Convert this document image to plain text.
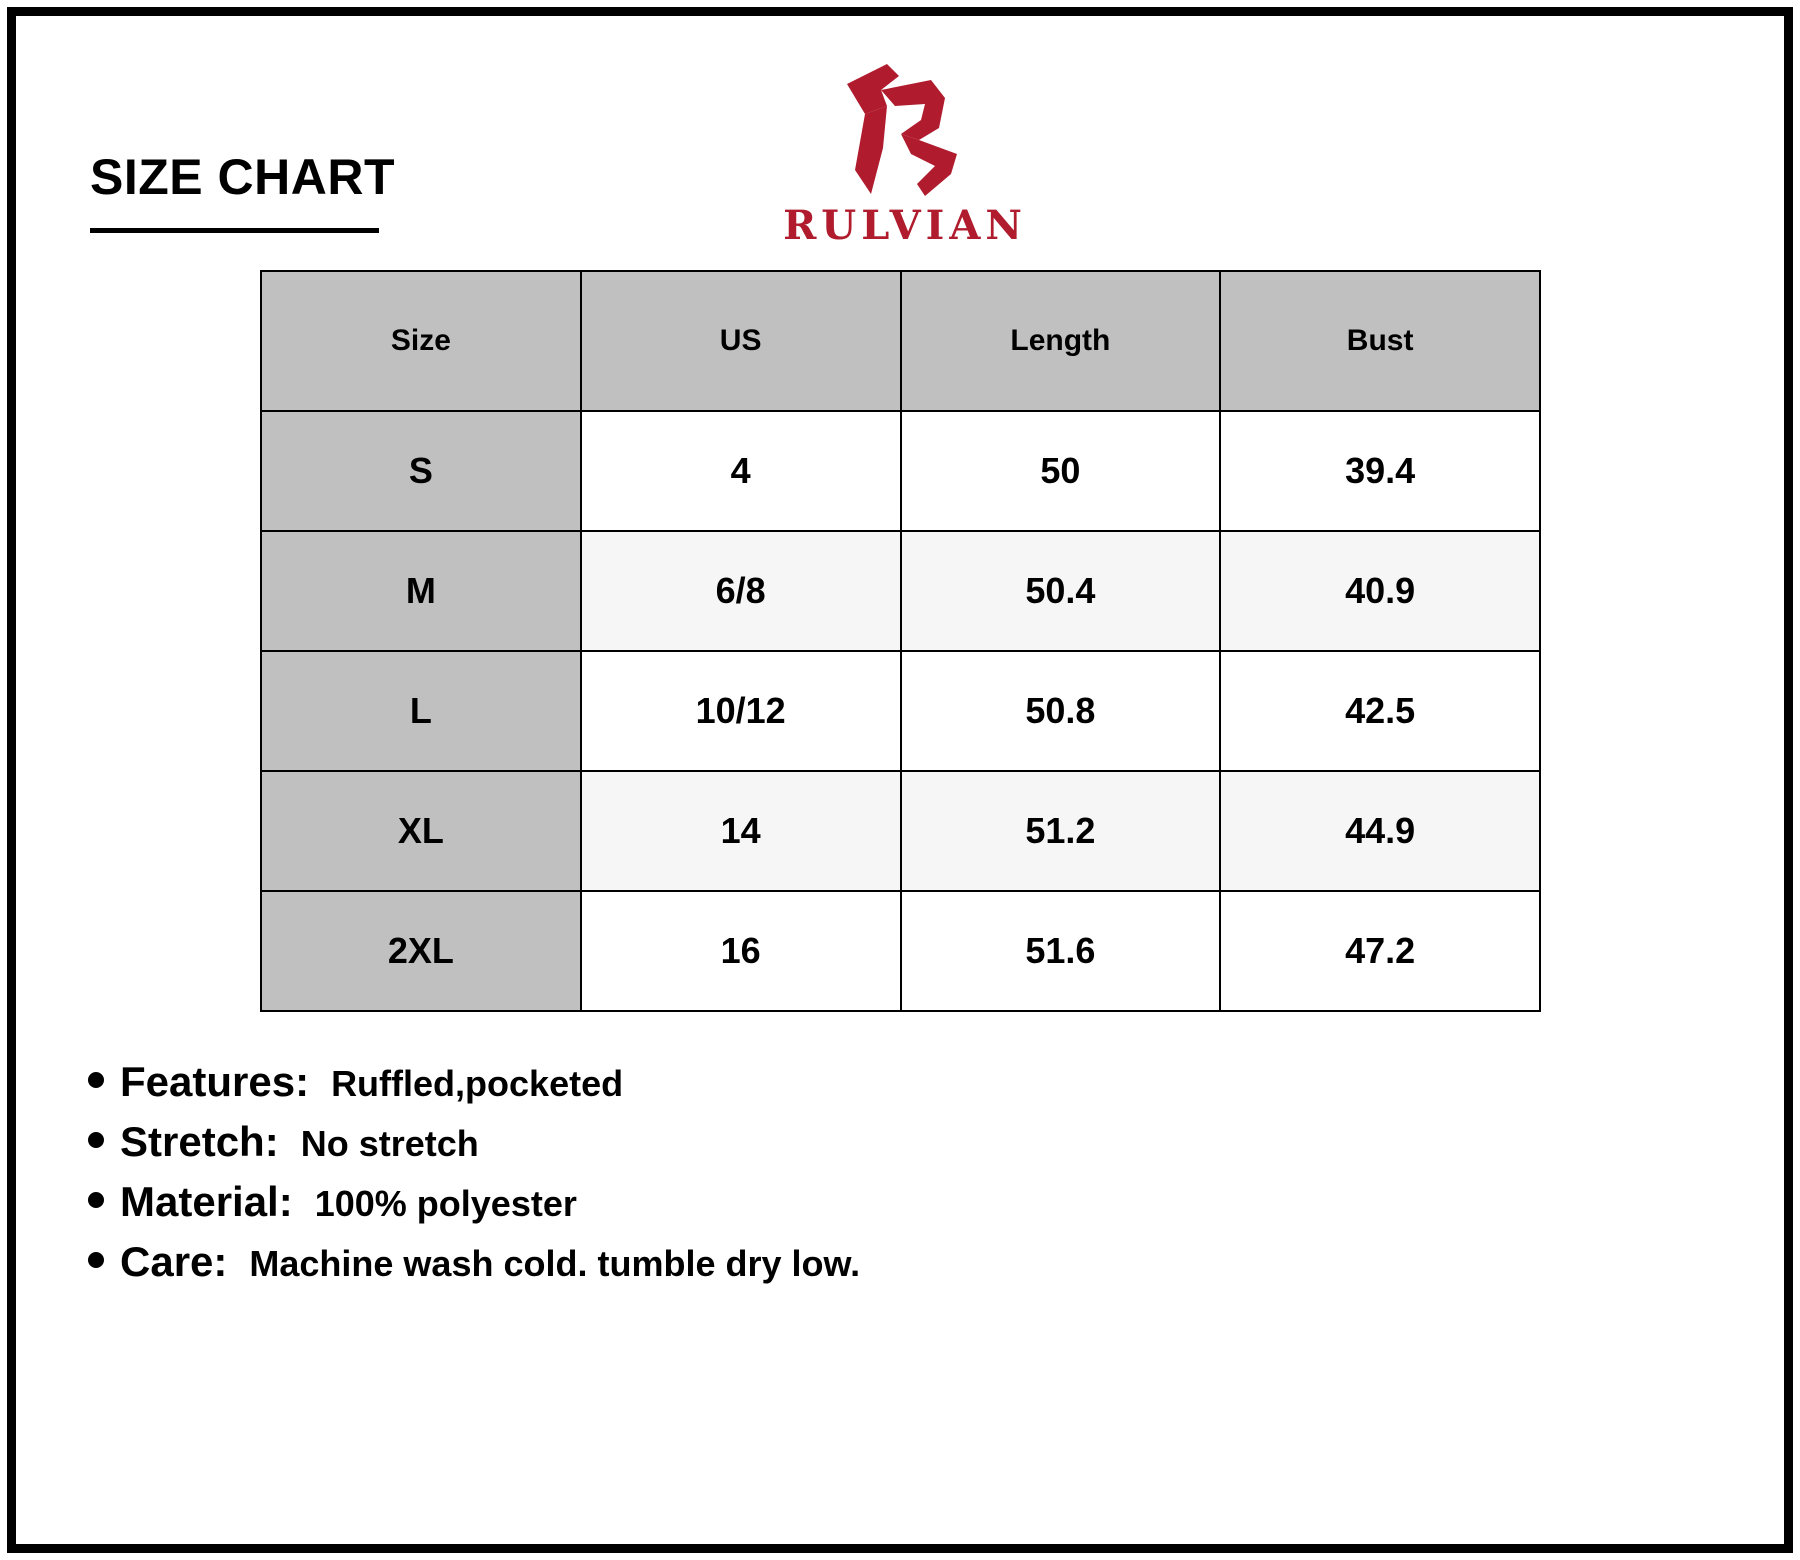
SIZE CHART
RULVIAN
Size	US	Length	Bust
S	4	50	39.4
M	6/8	50.4	40.9
L	10/12	50.8	42.5
XL	14	51.2	44.9
2XL	16	51.6	47.2
Features: Ruffled,pocketed
Stretch: No stretch
Material: 100% polyester
Care: Machine wash cold. tumble dry low.
